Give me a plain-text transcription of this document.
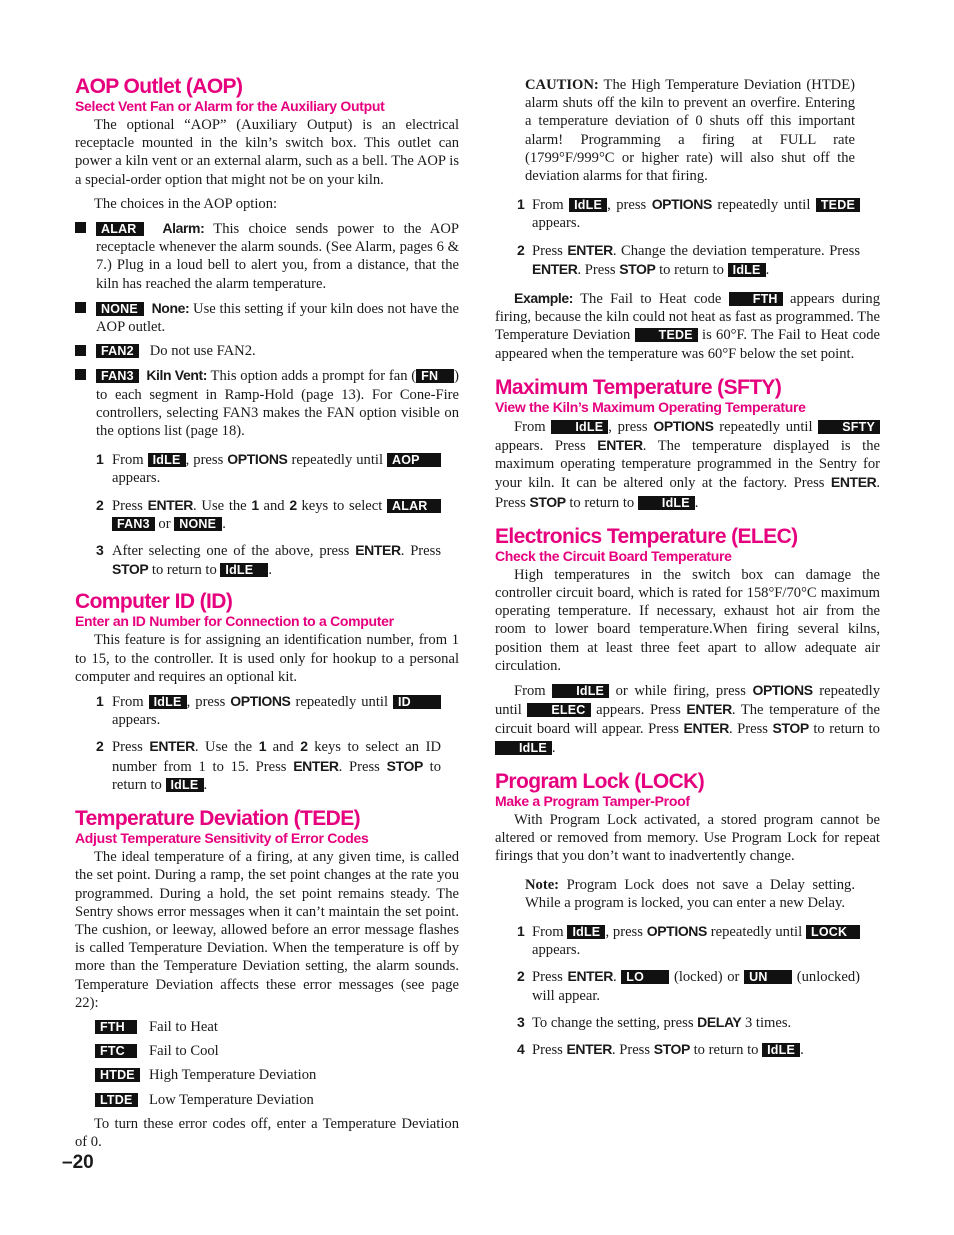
AOP Outlet (AOP)
Select Vent Fan or Alarm for the Auxiliary Output

The optional “AOP” (Auxiliary Output) is an electrical receptacle mounted in the kiln’s switch box. This outlet can power a kiln vent or an external alarm, such as a bell. The AOP is a special-order option that might not be on your kiln.

The choices in the AOP option:

ALAR Alarm: This choice sends power to the AOP receptacle whenever the alarm sounds. (See Alarm, pages 6 & 7.) Plug in a loud bell to alert you, from a distance, that the kiln has reached the alarm temperature.
NONE None: Use this setting if your kiln does not have the AOP outlet.
FAN2 Do not use FAN2.
FAN3 Kiln Vent: This option adds a prompt for fan ( FN ) to each segment in Ramp-Hold (page 13). For Cone-Fire controllers, selecting FAN3 makes the FAN option visible on the options list (page 18).
1 From IdLE , press OPTIONS repeatedly until AOP appears.
2 Press ENTER. Use the 1 and 2 keys to select ALAR FAN3 or NONE .
3 After selecting one of the above, press ENTER. Press STOP to return to IdLE .
Computer ID (ID)
Enter an ID Number for Connection to a Computer

This feature is for assigning an identification number, from 1 to 15, to the controller. It is used only for hookup to a personal computer and requires an optional kit.

1 From IdLE , press OPTIONS repeatedly until ID appears.
2 Press ENTER. Use the 1 and 2 keys to select an ID number from 1 to 15. Press ENTER. Press STOP to return to IdLE .
Temperature Deviation (TEDE)
Adjust Temperature Sensitivity of Error Codes

The ideal temperature of a firing, at any given time, is called the set point. During a ramp, the set point changes at the rate you programmed. During a hold, the set point remains steady. The Sentry shows error messages when it can’t maintain the set point. The cushion, or leeway, allowed before an error message flashes is called Temperature Deviation. When the temperature is off by more than the Temperature Deviation setting, the alarm sounds. Temperature Deviation affects these error messages (see page 22):

FTH	Fail to Heat
FTC	Fail to Cool
HTDE High Temperature Deviation
LTDE	Low Temperature Deviation

To turn these error codes off, enter a Temperature Deviation of 0.

CAUTION: The High Temperature Deviation (HTDE) alarm shuts off the kiln to prevent an overfire. Entering a temperature deviation of 0 shuts off this important alarm! Programming a firing at FULL rate (1799°F/999°C or higher rate) will also shut off the deviation alarms for that firing.

1 From IdLE , press OPTIONS repeatedly until TEDE appears.
2 Press ENTER. Change the deviation temperature. Press ENTER. Press STOP to return to IdLE .

Example: The Fail to Heat code FTH appears during firing, because the kiln could not heat as fast as programmed. The Temperature Deviation TEDE is 60°F. The Fail to Heat code appeared when the temperature was 60°F below the set point.

Maximum Temperature (SFTY)
View the Kiln’s Maximum Operating Temperature

From IdLE , press OPTIONS repeatedly until SFTY appears. Press ENTER. The temperature displayed is the maximum operating temperature programmed in the Sentry for your kiln. It can be altered only at the factory. Press ENTER. Press STOP to return to IdLE .

Electronics Temperature (ELEC)
Check the Circuit Board Temperature

High temperatures in the switch box can damage the controller circuit board, which is rated for 158°F/70°C maximum operating temperature. If necessary, exhaust hot air from the room to lower board temperature.When firing several kilns, position them at least three feet apart to allow adequate air circulation.

From IdLE or while firing, press OPTIONS repeatedly until ELEC appears. Press ENTER. The temperature of the circuit board will appear. Press ENTER. Press STOP to return to IdLE .

Program Lock (LOCK)
Make a Program Tamper-Proof

With Program Lock activated, a stored program cannot be altered or removed from memory. Use Program Lock for repeat firings that you don’t want to inadvertently change.

Note: Program Lock does not save a Delay setting. While a program is locked, you can enter a new Delay.

1 From IdLE , press OPTIONS repeatedly until LOCK appears.
2 Press ENTER. LO (locked) or UN (unlocked) will appear.
3 To change the setting, press DELAY 3 times.
4 Press ENTER. Press STOP to return to IdLE .
–20
